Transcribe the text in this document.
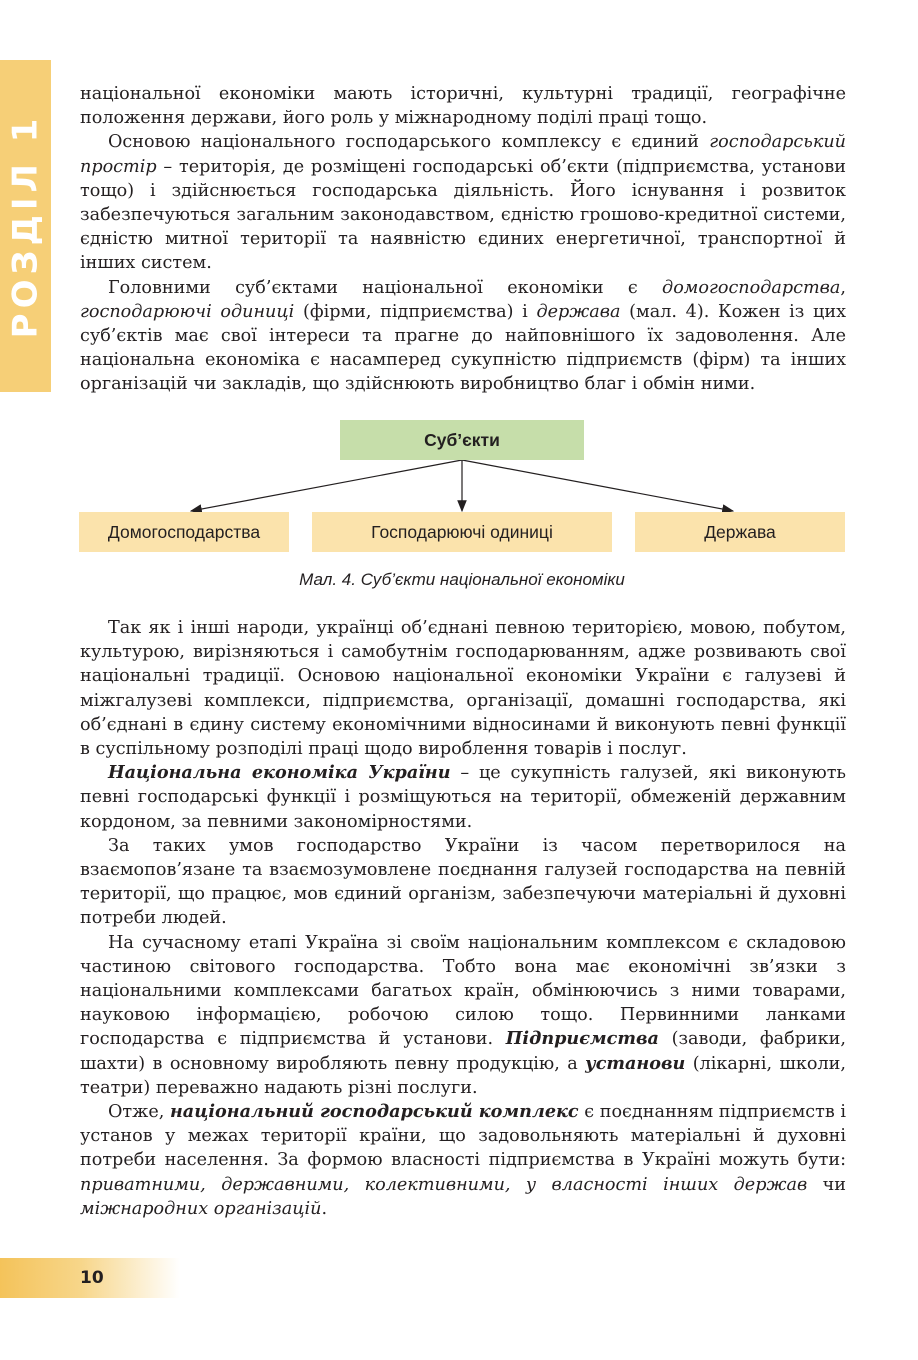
РОЗДІЛ 1

національної економіки мають історичні, культурні традиції, географічне положення держави, його роль у міжнародному поділі праці тощо.

Основою національного господарського комплексу є єдиний господарський простір – територія, де розміщені господарські об’єкти (підприємства, установи тощо) і здійснюється господарська діяльність. Його існування і розвиток забезпечуються загальним законодавством, єдністю грошово-кредитної системи, єдністю митної території та наявністю єдиних енергетичної, транспортної й інших систем.

Головними суб’єктами національної економіки є домогосподарства, господарюючі одиниці (фірми, підприємства) і держава (мал. 4). Кожен із цих суб’єктів має свої інтереси та прагне до найповнішого їх задоволення. Але національна економіка є насамперед сукупністю підприємств (фірм) та інших організацій чи закладів, що здійснюють виробництво благ і обмін ними.

Суб’єкти
Домогосподарства	Господарюючі одиниці	Держава
Мал. 4. Суб’єкти національної економіки

Так як і інші народи, українці об’єднані певною територією, мовою, побутом, культурою, вирізняються і самобутнім господарюванням, адже розвивають свої національні традиції. Основою національної економіки України є галузеві й міжгалузеві комплекси, підприємства, організації, домашні господарства, які об’єднані в єдину систему економічними відносинами й виконують певні функції в суспільному розподілі праці щодо вироблення товарів і послуг.

Національна економіка України – це сукупність галузей, які виконують певні господарські функції і розміщуються на території, обмеженій державним кордоном, за певними закономірностями.

За таких умов господарство України із часом перетворилося на взаємопов’язане та взаємозумовлене поєднання галузей господарства на певній території, що працює, мов єдиний організм, забезпечуючи матеріальні й духовні потреби людей.

На сучасному етапі Україна зі своїм національним комплексом є складовою частиною світового господарства. Тобто вона має економічні зв’язки з національними комплексами багатьох країн, обмінюючись з ними товарами, науковою інформацією, робочою силою тощо. Первинними ланками господарства є підприємства й установи. Підприємства (заводи, фабрики, шахти) в основному виробляють певну продукцію, а установи (лікарні, школи, театри) переважно надають різні послуги.

Отже, національний господарський комплекс є поєднанням підприємств і установ у межах території країни, що задовольняють матеріальні й духовні потреби населення. За формою власності підприємства в Україні можуть бути: приватними, державними, колективними, у власності інших держав чи міжнародних організацій.

10
